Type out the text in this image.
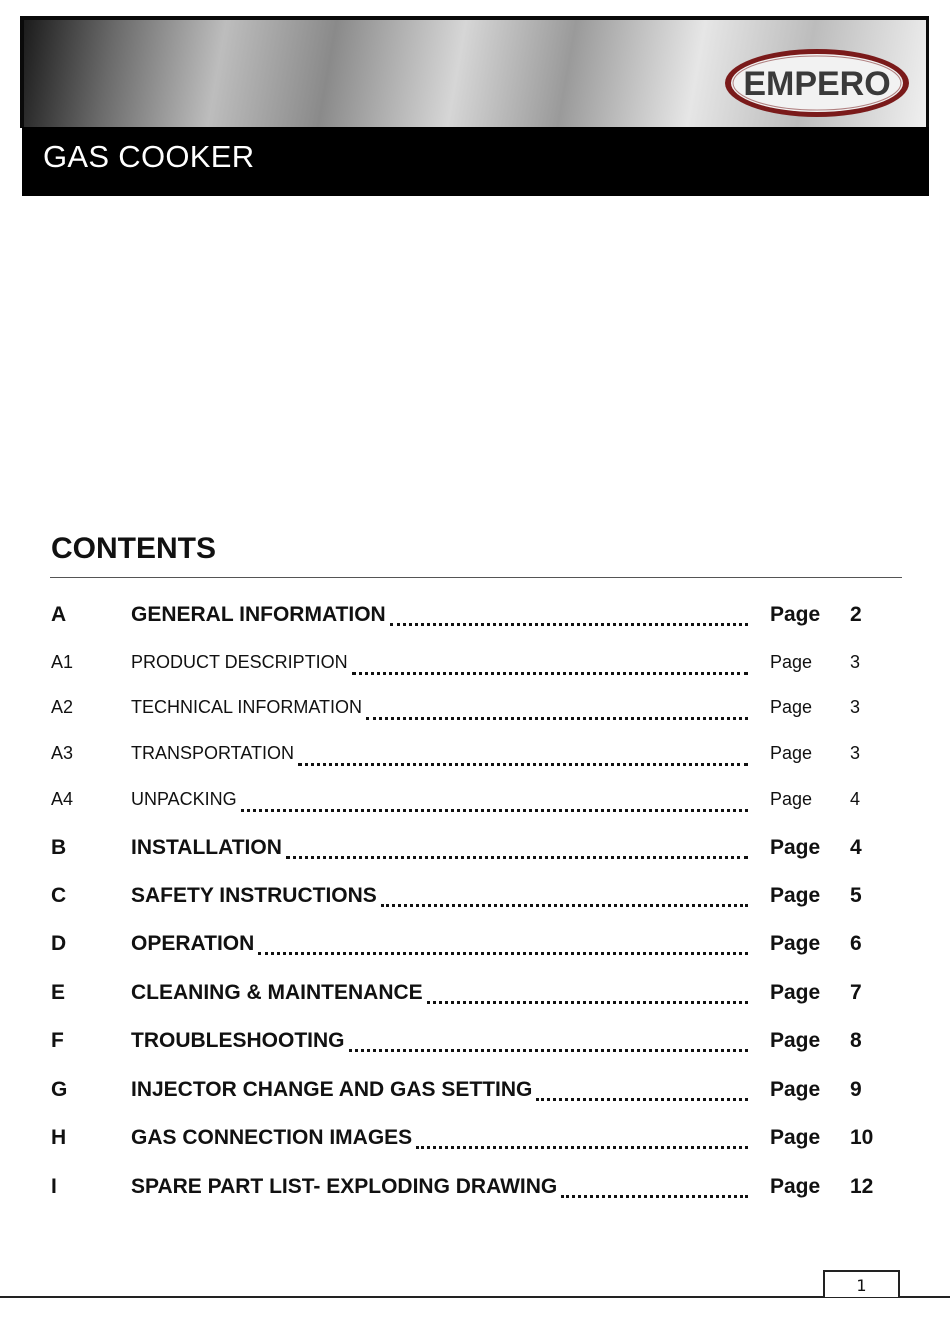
EMPERO
GAS COOKER
CONTENTS
A	GENERAL INFORMATION	Page 2
A1	PRODUCT DESCRIPTION	Page 3
A2	TECHNICAL INFORMATION	Page 3
A3	TRANSPORTATION	Page 3
A4	UNPACKING	Page 4
B	INSTALLATION	Page 4
C	SAFETY INSTRUCTIONS	Page 5
D	OPERATION	Page 6
E	CLEANING & MAINTENANCE	Page 7
F	TROUBLESHOOTING	Page 8
G	INJECTOR CHANGE AND GAS SETTING	Page 9
H	GAS CONNECTION IMAGES	Page 10
I	SPARE PART LIST- EXPLODING DRAWING	Page 12
1
